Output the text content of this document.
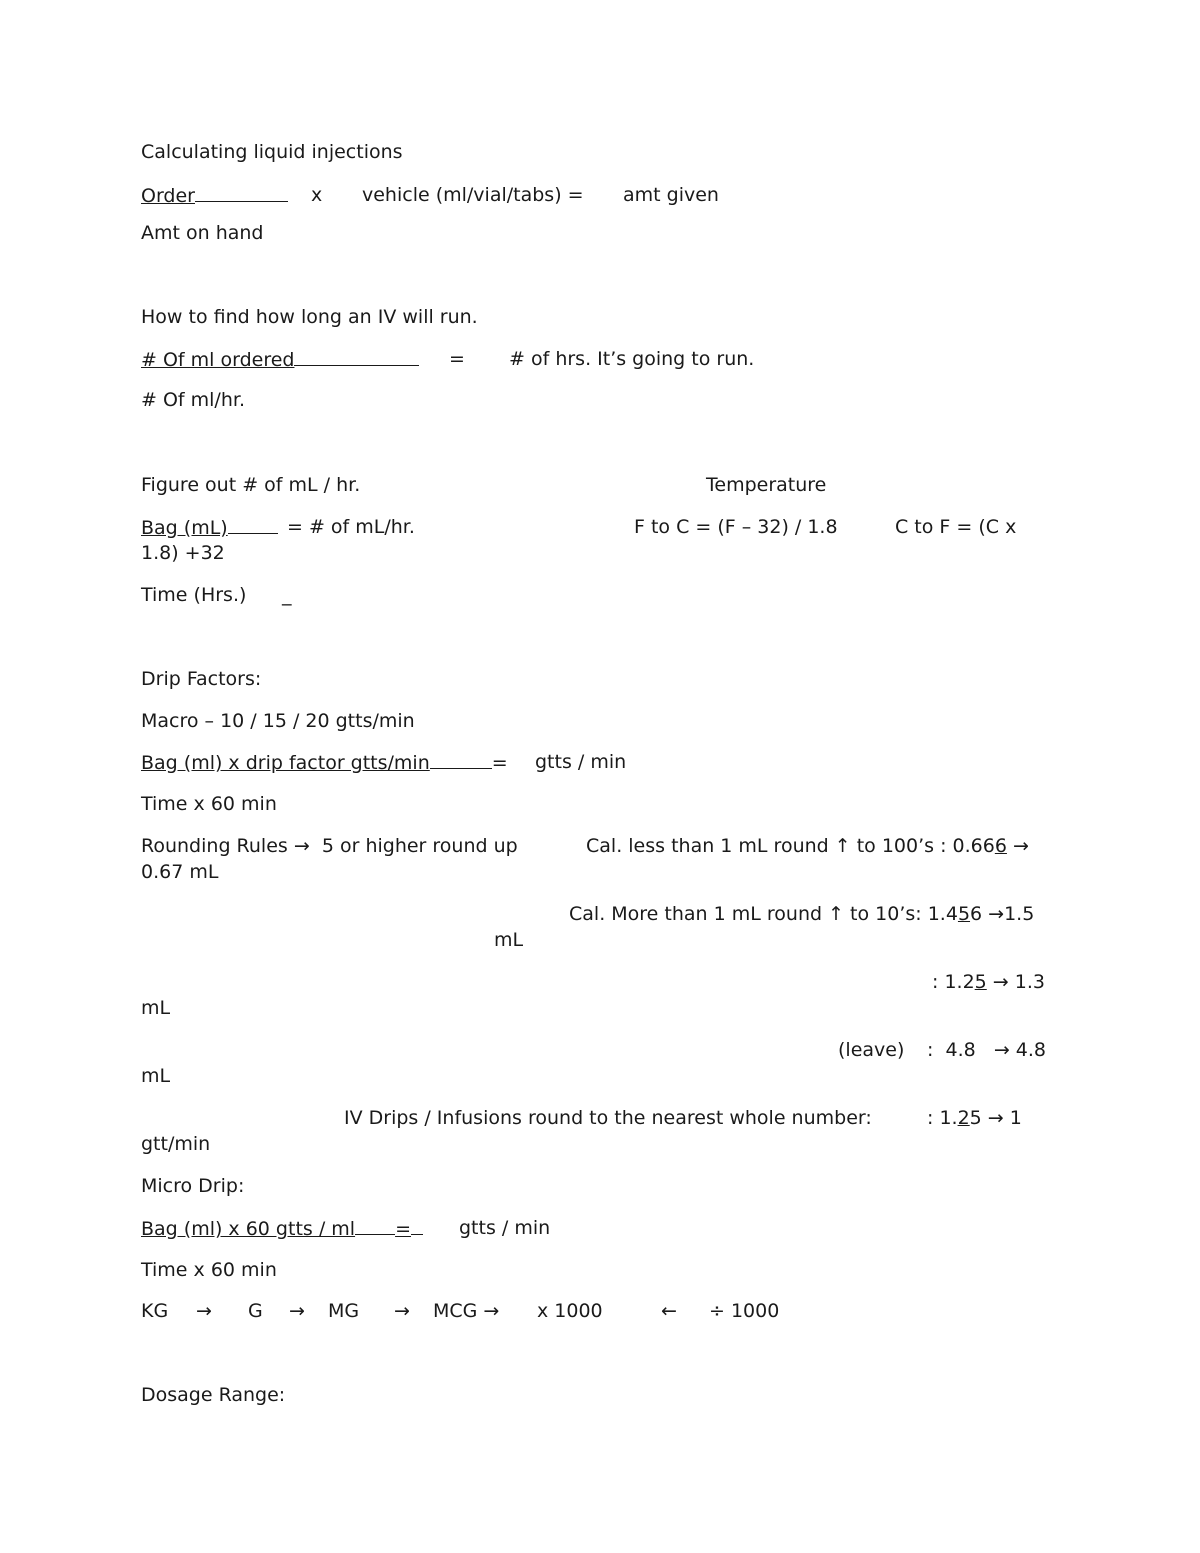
Calculating liquid injections
Order	x vehicle (ml/vial/tabs) = amt given
Amt on hand
How to find how long an IV will run.
# Of ml ordered	= # of hrs. It’s going to run.
# Of ml/hr.
Figure out # of mL / hr.	Temperature
Bag (mL)	= # of mL/hr.	F to C = (F – 32) / 1.8	C to F = (C x
1.8) +32
Time (Hrs.) _
Drip Factors:
Macro – 10 / 15 / 20 gtts/min
Bag (ml) x drip factor gtts/min	= gtts / min
Time x 60 min
Rounding Rules →  5 or higher round up	Cal. less than 1 mL round ↑ to 100’s : 0.666 →
0.67 mL
Cal. More than 1 mL round ↑ to 10’s: 1.456 →1.5
mL
: 1.25 → 1.3
mL
(leave) :  4.8   → 4.8
mL
IV Drips / Infusions round to the nearest whole number:	: 1.25 → 1
gtt/min
Micro Drip:
Bag (ml) x 60 gtts / ml =	gtts / min
Time x 60 min
KG → G → MG → MCG → x 1000	← ÷ 1000
Dosage Range:
